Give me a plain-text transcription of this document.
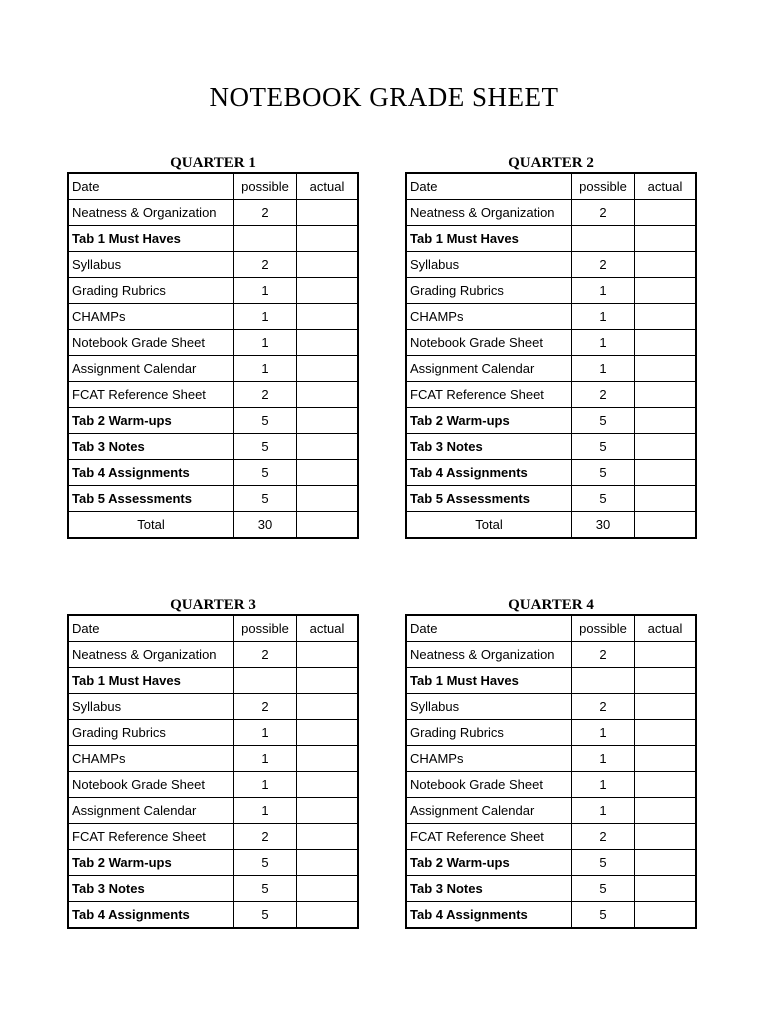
NOTEBOOK GRADE SHEET
QUARTER 1
Date	possible	actual
Neatness & Organization	2	
Tab 1 Must Haves		
Syllabus	2	
Grading Rubrics	1	
CHAMPs	1	
Notebook Grade Sheet	1	
Assignment Calendar	1	
FCAT Reference Sheet	2	
Tab 2 Warm-ups	5	
Tab 3 Notes	5	
Tab 4 Assignments	5	
Tab 5 Assessments	5	
Total	30	
QUARTER 2
Date	possible	actual
Neatness & Organization	2	
Tab 1 Must Haves		
Syllabus	2	
Grading Rubrics	1	
CHAMPs	1	
Notebook Grade Sheet	1	
Assignment Calendar	1	
FCAT Reference Sheet	2	
Tab 2 Warm-ups	5	
Tab 3 Notes	5	
Tab 4 Assignments	5	
Tab 5 Assessments	5	
Total	30	
QUARTER 3
Date	possible	actual
Neatness & Organization	2	
Tab 1 Must Haves		
Syllabus	2	
Grading Rubrics	1	
CHAMPs	1	
Notebook Grade Sheet	1	
Assignment Calendar	1	
FCAT Reference Sheet	2	
Tab 2 Warm-ups	5	
Tab 3 Notes	5	
Tab 4 Assignments	5	
QUARTER 4
Date	possible	actual
Neatness & Organization	2	
Tab 1 Must Haves		
Syllabus	2	
Grading Rubrics	1	
CHAMPs	1	
Notebook Grade Sheet	1	
Assignment Calendar	1	
FCAT Reference Sheet	2	
Tab 2 Warm-ups	5	
Tab 3 Notes	5	
Tab 4 Assignments	5	
